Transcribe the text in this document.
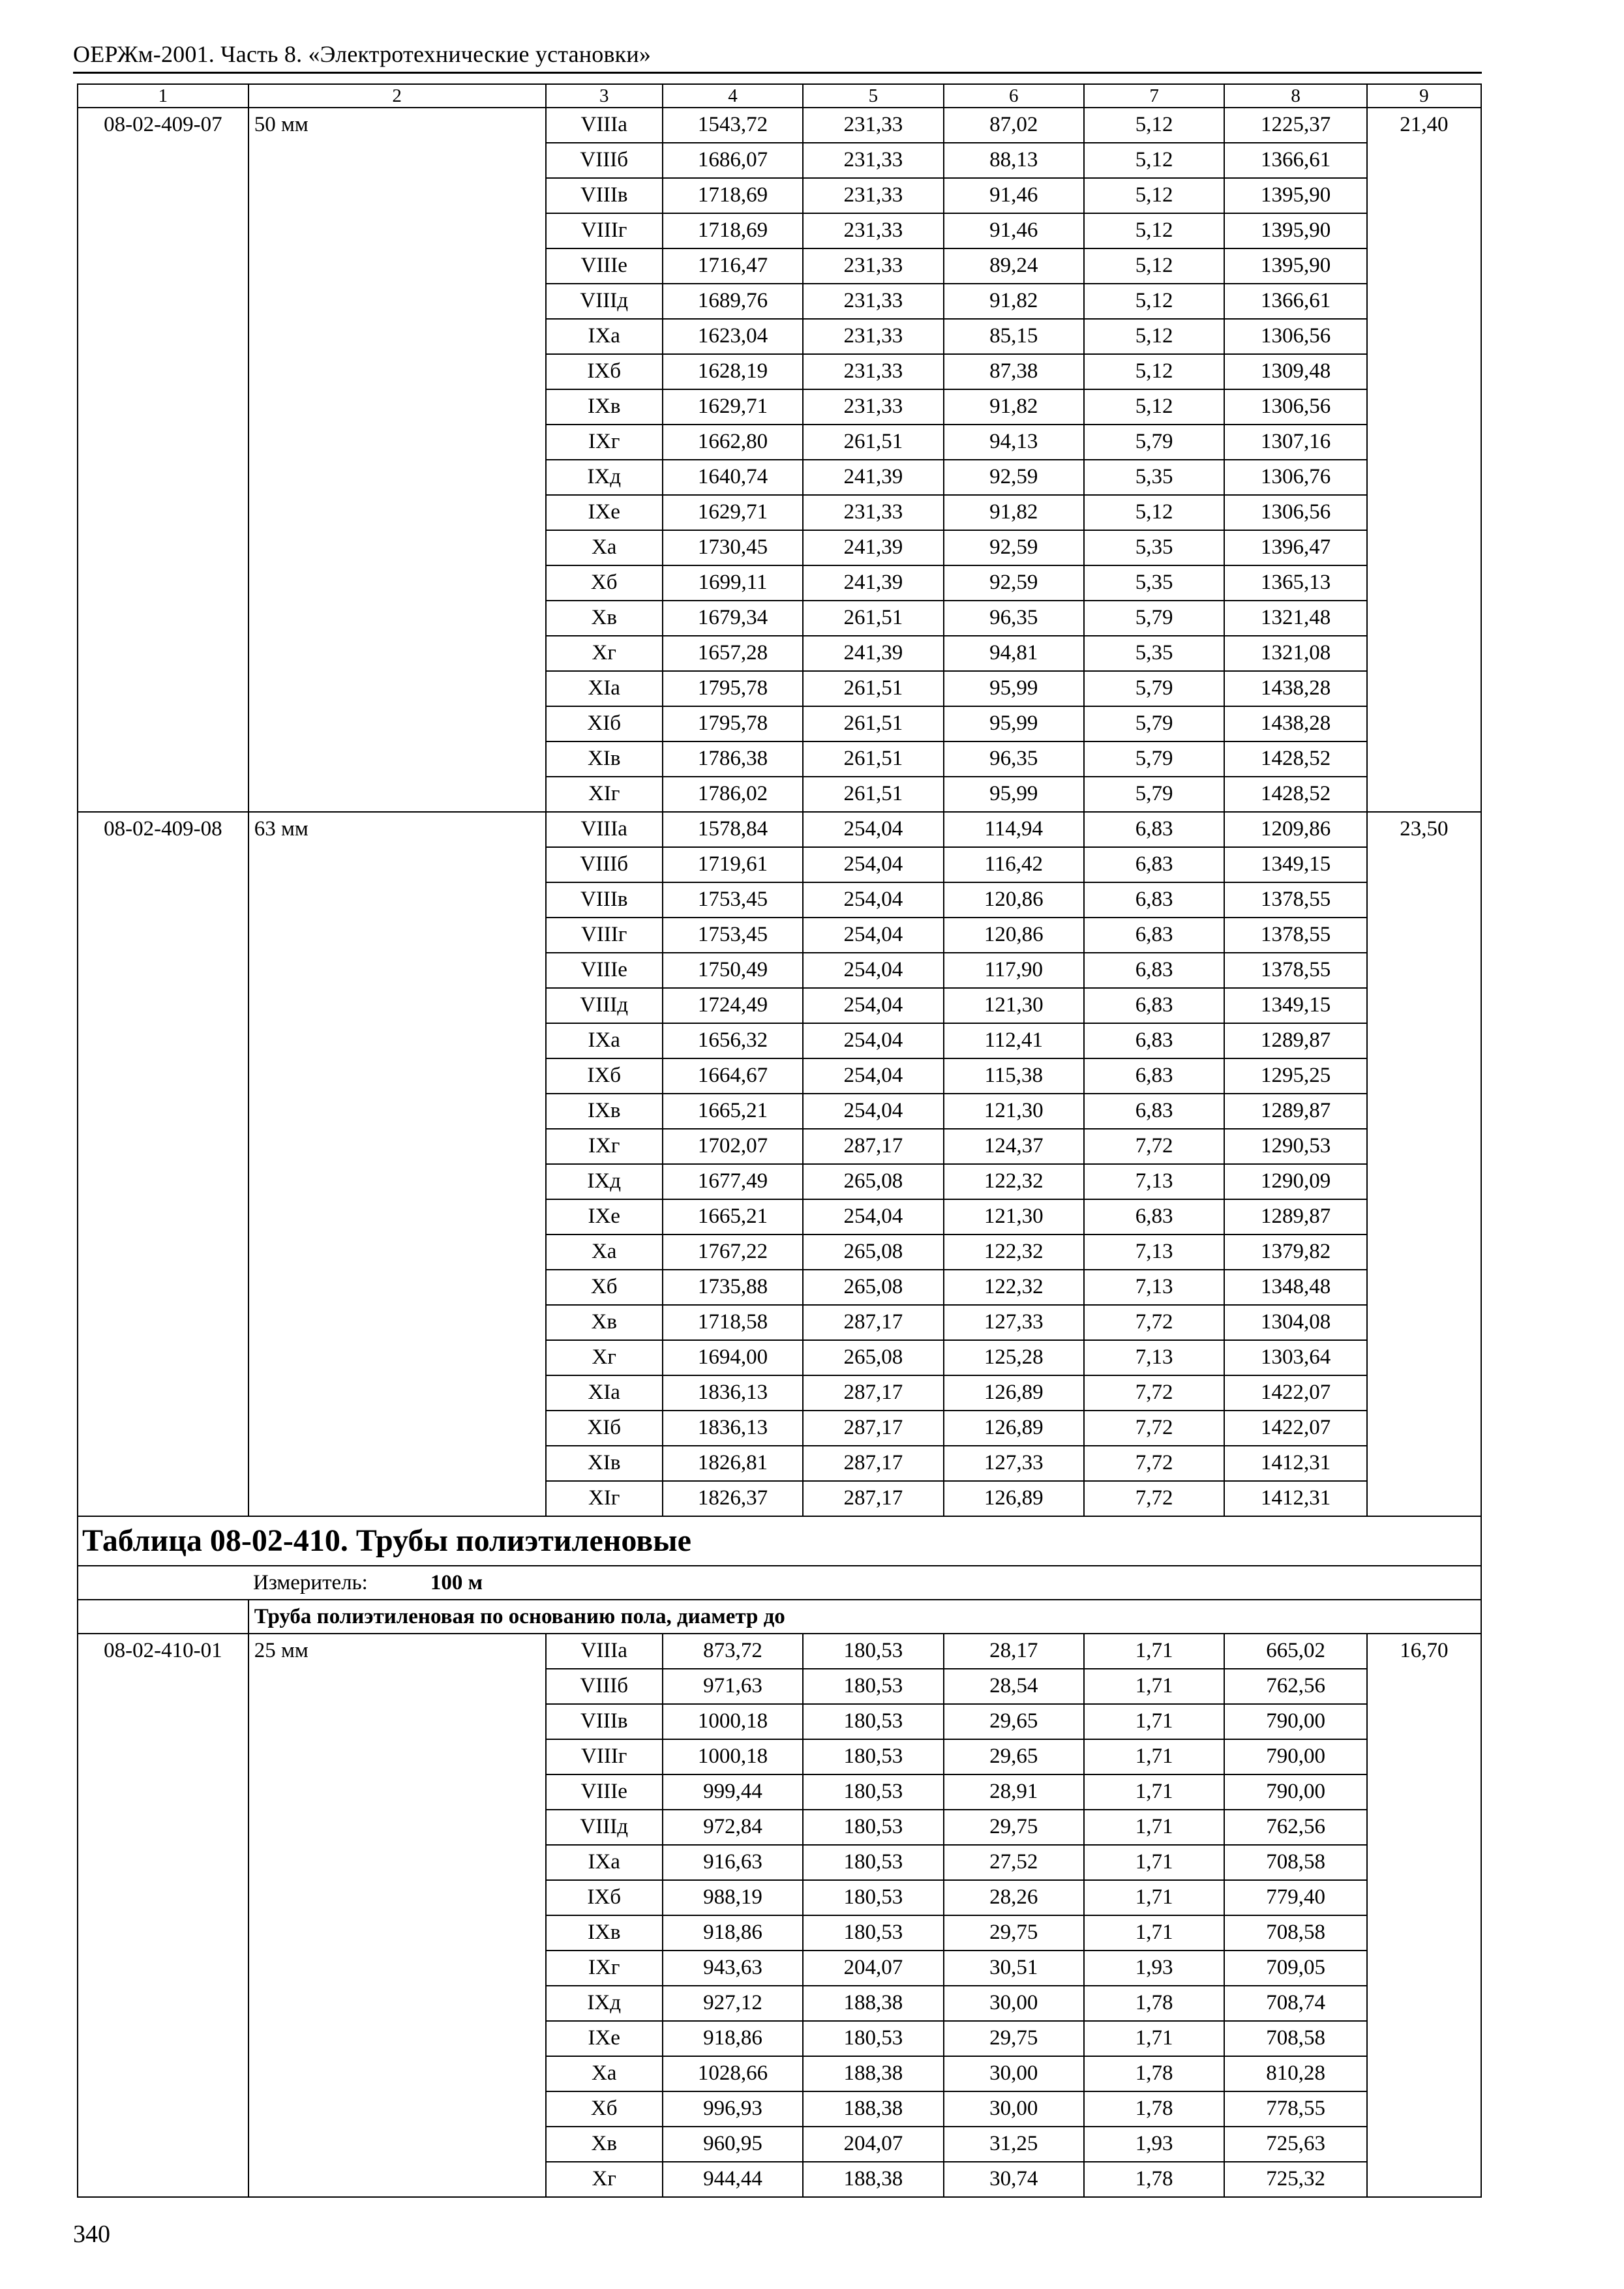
ОЕРЖм-2001. Часть 8. «Электротехнические установки»
1	2	3	4	5	6	7	8	9
08-02-409-07	50 мм	VIIIа	1543,72	231,33	87,02	5,12	1225,37	21,40
		VIIIб	1686,07	231,33	88,13	5,12	1366,61	
		VIIIв	1718,69	231,33	91,46	5,12	1395,90	
		VIIIг	1718,69	231,33	91,46	5,12	1395,90	
		VIIIе	1716,47	231,33	89,24	5,12	1395,90	
		VIIIд	1689,76	231,33	91,82	5,12	1366,61	
		IXа	1623,04	231,33	85,15	5,12	1306,56	
		IXб	1628,19	231,33	87,38	5,12	1309,48	
		IXв	1629,71	231,33	91,82	5,12	1306,56	
		IXг	1662,80	261,51	94,13	5,79	1307,16	
		IXд	1640,74	241,39	92,59	5,35	1306,76	
		IXе	1629,71	231,33	91,82	5,12	1306,56	
		Xа	1730,45	241,39	92,59	5,35	1396,47	
		Xб	1699,11	241,39	92,59	5,35	1365,13	
		Xв	1679,34	261,51	96,35	5,79	1321,48	
		Xг	1657,28	241,39	94,81	5,35	1321,08	
		XIа	1795,78	261,51	95,99	5,79	1438,28	
		XIб	1795,78	261,51	95,99	5,79	1438,28	
		XIв	1786,38	261,51	96,35	5,79	1428,52	
		XIг	1786,02	261,51	95,99	5,79	1428,52	
08-02-409-08	63 мм	VIIIа	1578,84	254,04	114,94	6,83	1209,86	23,50
		VIIIб	1719,61	254,04	116,42	6,83	1349,15	
		VIIIв	1753,45	254,04	120,86	6,83	1378,55	
		VIIIг	1753,45	254,04	120,86	6,83	1378,55	
		VIIIе	1750,49	254,04	117,90	6,83	1378,55	
		VIIIд	1724,49	254,04	121,30	6,83	1349,15	
		IXа	1656,32	254,04	112,41	6,83	1289,87	
		IXб	1664,67	254,04	115,38	6,83	1295,25	
		IXв	1665,21	254,04	121,30	6,83	1289,87	
		IXг	1702,07	287,17	124,37	7,72	1290,53	
		IXд	1677,49	265,08	122,32	7,13	1290,09	
		IXе	1665,21	254,04	121,30	6,83	1289,87	
		Xа	1767,22	265,08	122,32	7,13	1379,82	
		Xб	1735,88	265,08	122,32	7,13	1348,48	
		Xв	1718,58	287,17	127,33	7,72	1304,08	
		Xг	1694,00	265,08	125,28	7,13	1303,64	
		XIа	1836,13	287,17	126,89	7,72	1422,07	
		XIб	1836,13	287,17	126,89	7,72	1422,07	
		XIв	1826,81	287,17	127,33	7,72	1412,31	
		XIг	1826,37	287,17	126,89	7,72	1412,31	
Таблица 08-02-410. Трубы полиэтиленовые								
Измеритель: 100 м								
	Труба полиэтиленовая по основанию пола, диаметр до							
08-02-410-01	25 мм	VIIIа	873,72	180,53	28,17	1,71	665,02	16,70
		VIIIб	971,63	180,53	28,54	1,71	762,56	
		VIIIв	1000,18	180,53	29,65	1,71	790,00	
		VIIIг	1000,18	180,53	29,65	1,71	790,00	
		VIIIе	999,44	180,53	28,91	1,71	790,00	
		VIIIд	972,84	180,53	29,75	1,71	762,56	
		IXа	916,63	180,53	27,52	1,71	708,58	
		IXб	988,19	180,53	28,26	1,71	779,40	
		IXв	918,86	180,53	29,75	1,71	708,58	
		IXг	943,63	204,07	30,51	1,93	709,05	
		IXд	927,12	188,38	30,00	1,78	708,74	
		IXе	918,86	180,53	29,75	1,71	708,58	
		Xа	1028,66	188,38	30,00	1,78	810,28	
		Xб	996,93	188,38	30,00	1,78	778,55	
		Xв	960,95	204,07	31,25	1,93	725,63	
		Xг	944,44	188,38	30,74	1,78	725,32	
340
